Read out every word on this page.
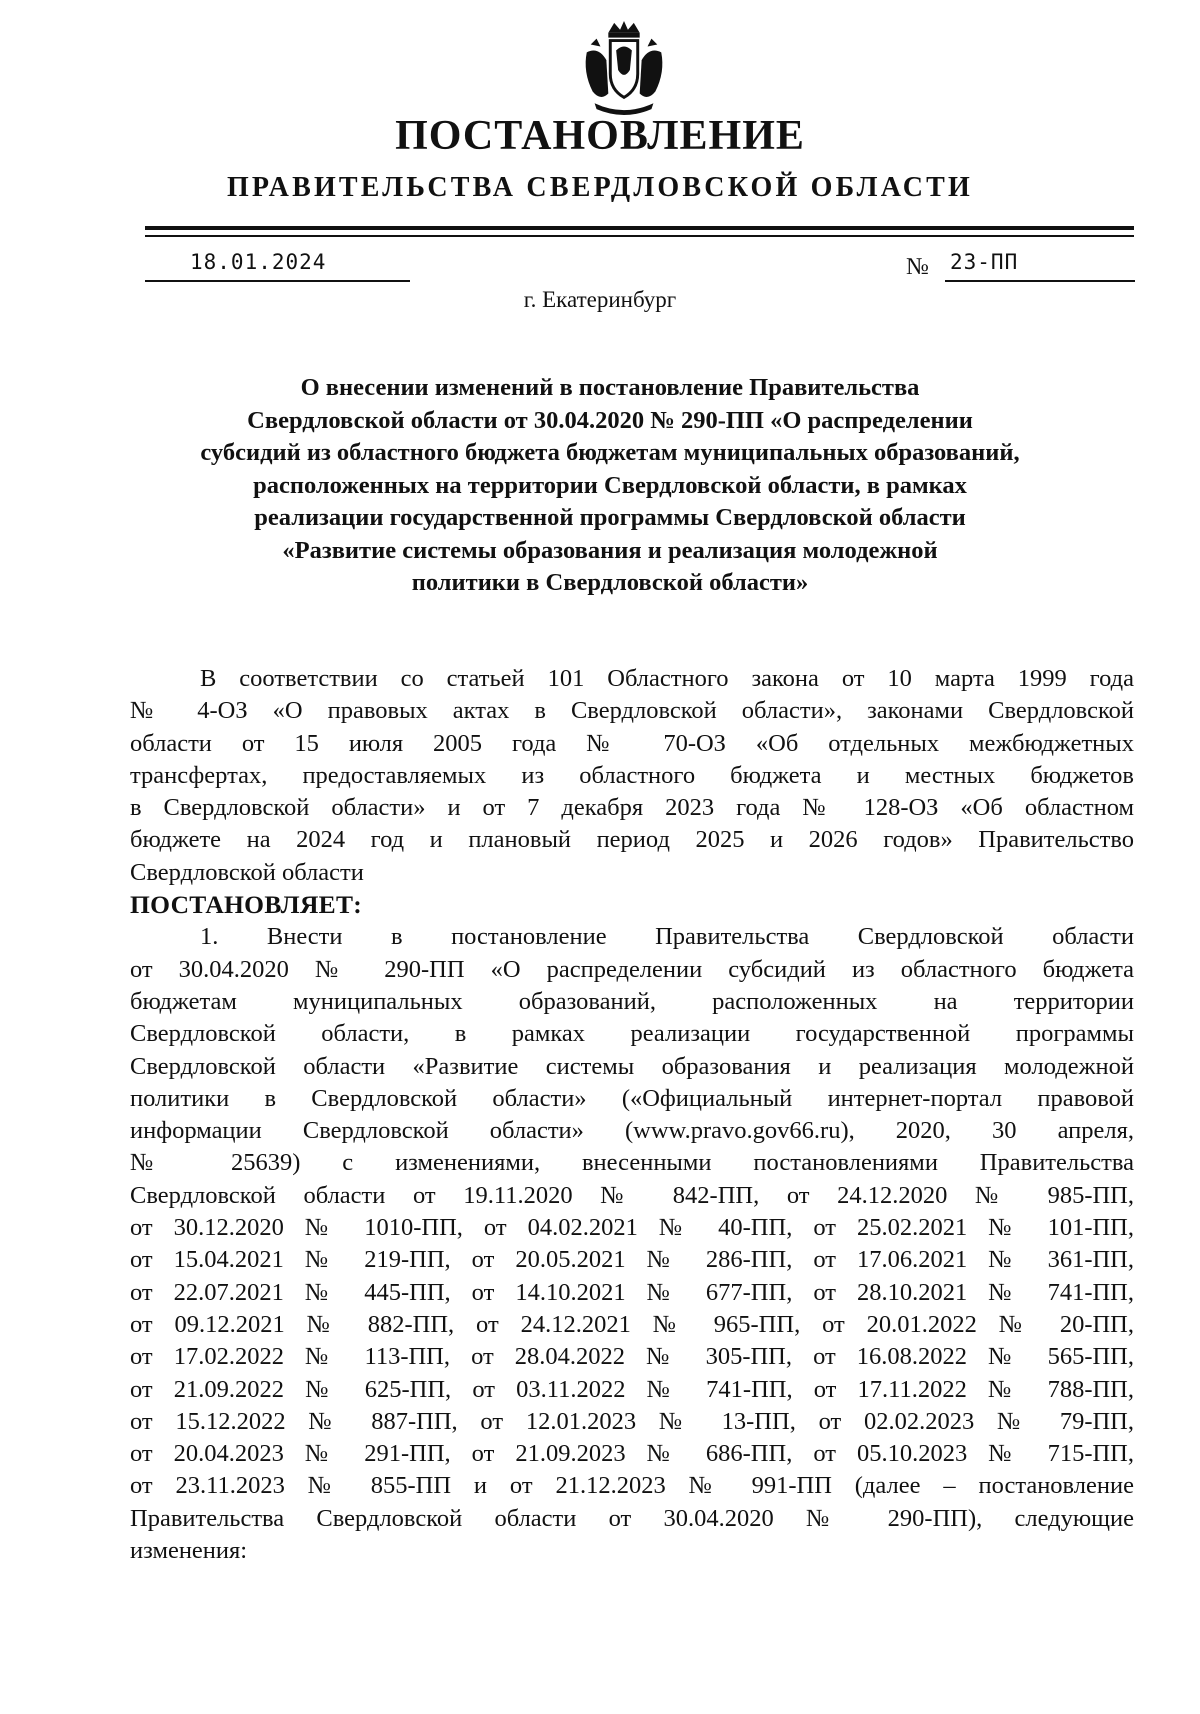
ПОСТАНОВЛЕНИЕ
ПРАВИТЕЛЬСТВА СВЕРДЛОВСКОЙ ОБЛАСТИ
18.01.2024	№ 23-ПП
г. Екатеринбург
О внесении изменений в постановление Правительства
Свердловской области от 30.04.2020 № 290-ПП «О распределении
субсидий из областного бюджета бюджетам муниципальных образований,
расположенных на территории Свердловской области, в рамках
реализации государственной программы Свердловской области
«Развитие системы образования и реализация молодежной
политики в Свердловской области»
В соответствии со статьей 101 Областного закона от 10 марта 1999 года
№ 4-ОЗ «О правовых актах в Свердловской области», законами Свердловской
области от 15 июля 2005 года № 70-ОЗ «Об отдельных межбюджетных
трансфертах, предоставляемых из областного бюджета и местных бюджетов
в Свердловской области» и от 7 декабря 2023 года № 128-ОЗ «Об областном
бюджете на 2024 год и плановый период 2025 и 2026 годов» Правительство
Свердловской области
ПОСТАНОВЛЯЕТ:
1. Внести в постановление Правительства Свердловской области
от 30.04.2020 № 290-ПП «О распределении субсидий из областного бюджета
бюджетам муниципальных образований, расположенных на территории
Свердловской области, в рамках реализации государственной программы
Свердловской области «Развитие системы образования и реализация молодежной
политики в Свердловской области» («Официальный интернет-портал правовой
информации Свердловской области» (www.pravo.gov66.ru), 2020, 30 апреля,
№ 25639) с изменениями, внесенными постановлениями Правительства
Свердловской области от 19.11.2020 № 842-ПП, от 24.12.2020 № 985-ПП,
от 30.12.2020 № 1010-ПП, от 04.02.2021 № 40-ПП, от 25.02.2021 № 101-ПП,
от 15.04.2021 № 219-ПП, от 20.05.2021 № 286-ПП, от 17.06.2021 № 361-ПП,
от 22.07.2021 № 445-ПП, от 14.10.2021 № 677-ПП, от 28.10.2021 № 741-ПП,
от 09.12.2021 № 882-ПП, от 24.12.2021 № 965-ПП, от 20.01.2022 № 20-ПП,
от 17.02.2022 № 113-ПП, от 28.04.2022 № 305-ПП, от 16.08.2022 № 565-ПП,
от 21.09.2022 № 625-ПП, от 03.11.2022 № 741-ПП, от 17.11.2022 № 788-ПП,
от 15.12.2022 № 887-ПП, от 12.01.2023 № 13-ПП, от 02.02.2023 № 79-ПП,
от 20.04.2023 № 291-ПП, от 21.09.2023 № 686-ПП, от 05.10.2023 № 715-ПП,
от 23.11.2023 № 855-ПП и от 21.12.2023 № 991-ПП (далее – постановление
Правительства Свердловской области от 30.04.2020 № 290-ПП), следующие
изменения:
